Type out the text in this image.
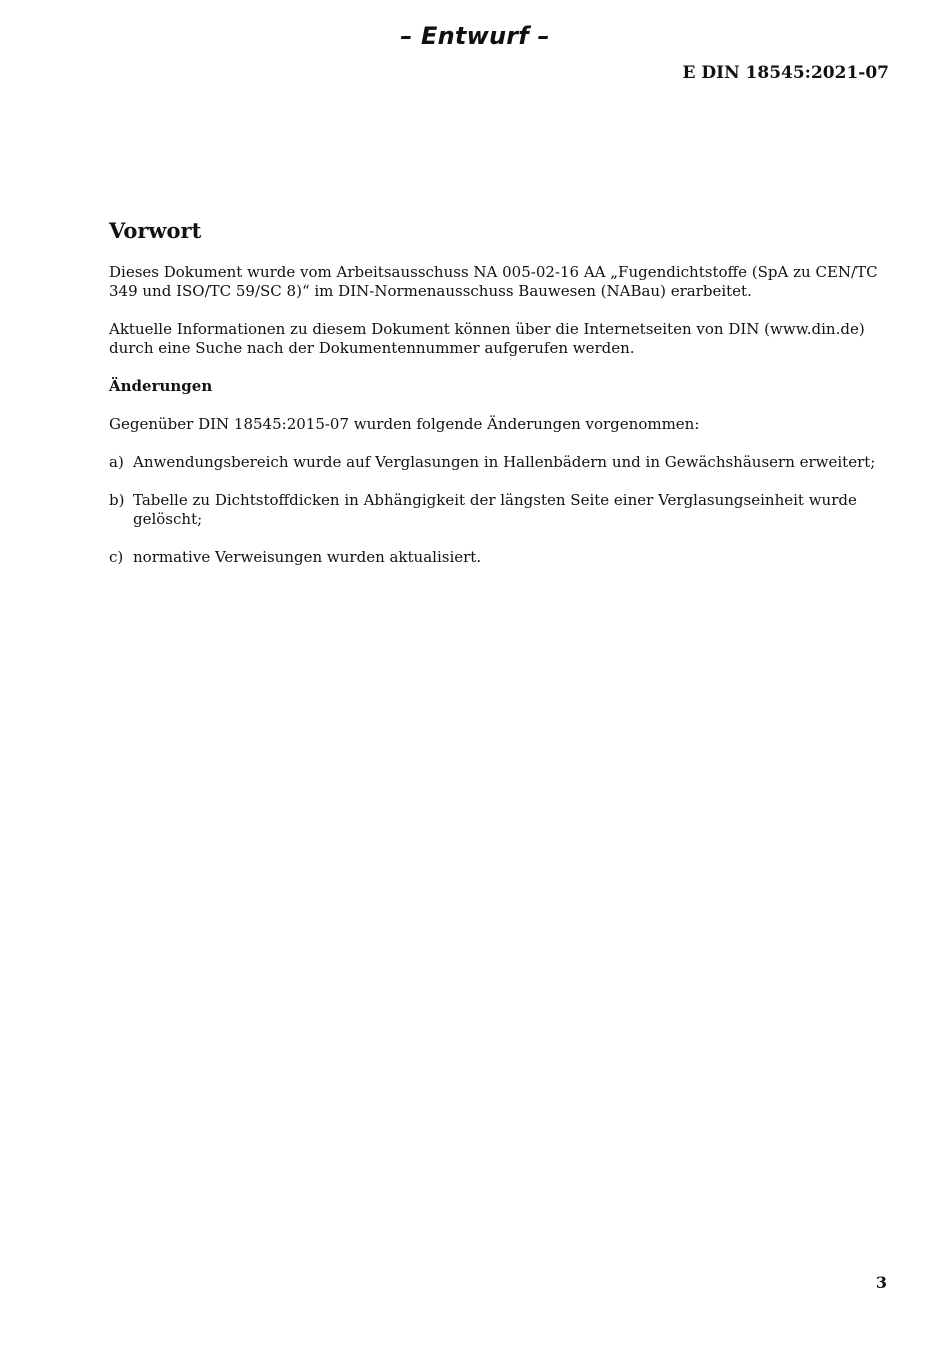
– Entwurf –
E DIN 18545:2021-07
Vorwort

Dieses Dokument wurde vom Arbeitsausschuss NA 005-02-16 AA „Fugendichtstoffe (SpA zu CEN/TC 349 und ISO/TC 59/SC 8)“ im DIN-Normenausschuss Bauwesen (NABau) erarbeitet.

Aktuelle Informationen zu diesem Dokument können über die Internetseiten von DIN (www.din.de) durch eine Suche nach der Dokumentennummer aufgerufen werden.

Änderungen

Gegenüber DIN 18545:2015-07 wurden folgende Änderungen vorgenommen:

a) Anwendungsbereich wurde auf Verglasungen in Hallenbädern und in Gewächshäusern erweitert;
b) Tabelle zu Dichtstoffdicken in Abhängigkeit der längsten Seite einer Verglasungseinheit wurde gelöscht;
c) normative Verweisungen wurden aktualisiert.
3
